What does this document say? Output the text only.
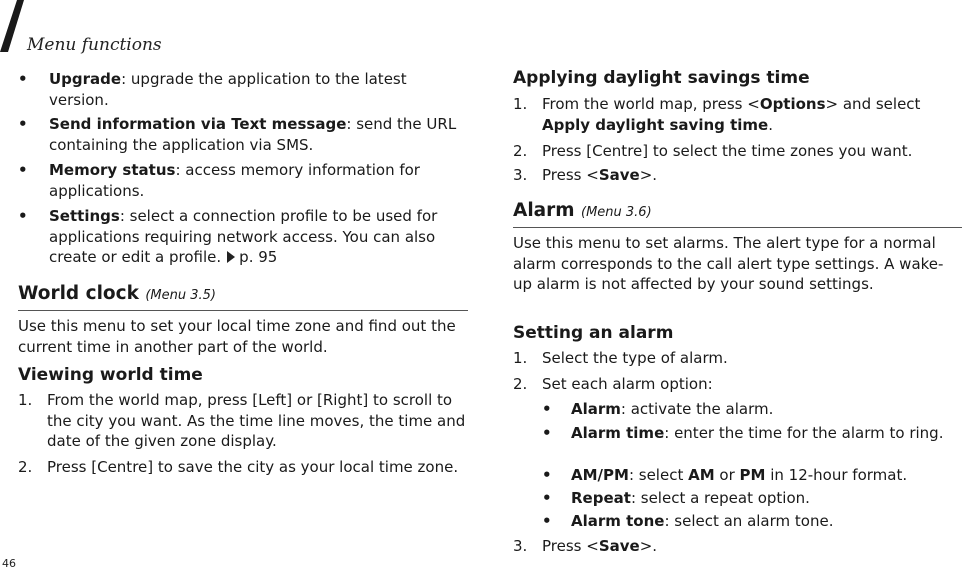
Menu functions
• Upgrade: upgrade the application to the latest version.
• Send information via Text message: send the URL containing the application via SMS.
• Memory status: access memory information for applications.
• Settings: select a connection profile to be used for applications requiring network access. You can also create or edit a profile. p. 95
World clock (Menu 3.5)
Use this menu to set your local time zone and find out the current time in another part of the world.
Viewing world time
1. From the world map, press [Left] or [Right] to scroll to the city you want. As the time line moves, the time and date of the given zone display.
2. Press [Centre] to save the city as your local time zone.
Applying daylight savings time
1. From the world map, press <Options> and select Apply daylight saving time.
2. Press [Centre] to select the time zones you want.
3. Press <Save>.
Alarm (Menu 3.6)
Use this menu to set alarms. The alert type for a normal alarm corresponds to the call alert type settings. A wake-up alarm is not affected by your sound settings.
Setting an alarm
1. Select the type of alarm.
2. Set each alarm option:
• Alarm: activate the alarm.
• Alarm time: enter the time for the alarm to ring.
• AM/PM: select AM or PM in 12-hour format.
• Repeat: select a repeat option.
• Alarm tone: select an alarm tone.
3. Press <Save>.
46
